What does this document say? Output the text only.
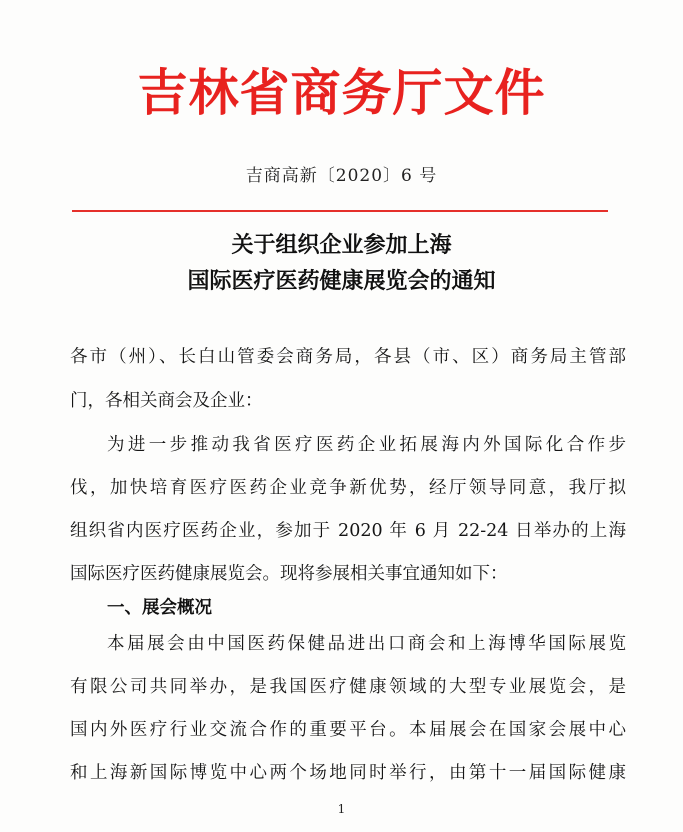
吉林省商务厅文件
吉商高新〔2020〕6 号
关于组织企业参加上海
国际医疗医药健康展览会的通知
各市（州）、长白山管委会商务局，各县（市、区）商务局主管部
门，各相关商会及企业：
为进一步推动我省医疗医药企业拓展海内外国际化合作步
伐，加快培育医疗医药企业竞争新优势，经厅领导同意，我厅拟
组织省内医疗医药企业，参加于 2020 年 6 月 22-24 日举办的上海
国际医疗医药健康展览会。现将参展相关事宜通知如下：
一、展会概况
本届展会由中国医药保健品进出口商会和上海博华国际展览
有限公司共同举办，是我国医疗健康领域的大型专业展览会，是
国内外医疗行业交流合作的重要平台。本届展会在国家会展中心
和上海新国际博览中心两个场地同时举行，由第十一届国际健康
1
